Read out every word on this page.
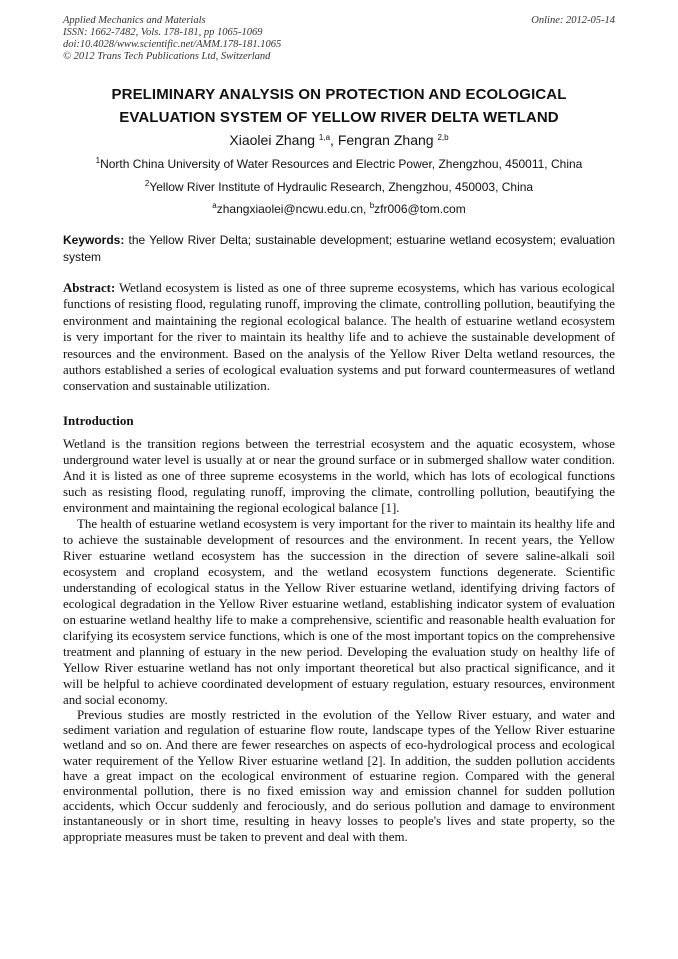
Applied Mechanics and Materials
ISSN: 1662-7482, Vols. 178-181, pp 1065-1069
doi:10.4028/www.scientific.net/AMM.178-181.1065
© 2012 Trans Tech Publications Ltd, Switzerland
Online: 2012-05-14
PRELIMINARY ANALYSIS ON PROTECTION AND ECOLOGICAL
EVALUATION SYSTEM OF YELLOW RIVER DELTA WETLAND
Xiaolei Zhang $^{1,a}$, Fengran Zhang $^{2,b}$
$^1$North China University of Water Resources and Electric Power, Zhengzhou, 450011, China
$^2$Yellow River Institute of Hydraulic Research, Zhengzhou, 450003, China
$^a$zhangxiaolei@ncwu.edu.cn, $^b$zfr006@tom.com
Keywords: the Yellow River Delta; sustainable development; estuarine wetland ecosystem; evaluation system
Abstract: Wetland ecosystem is listed as one of three supreme ecosystems, which has various ecological functions of resisting flood, regulating runoff, improving the climate, controlling pollution, beautifying the environment and maintaining the regional ecological balance. The health of estuarine wetland ecosystem is very important for the river to maintain its healthy life and to achieve the sustainable development of resources and the environment. Based on the analysis of the Yellow River Delta wetland resources, the authors established a series of ecological evaluation systems and put forward countermeasures of wetland conservation and sustainable utilization.
Introduction

Wetland is the transition regions between the terrestrial ecosystem and the aquatic ecosystem, whose underground water level is usually at or near the ground surface or in submerged shallow water condition. And it is listed as one of three supreme ecosystems in the world, which has lots of ecological functions such as resisting flood, regulating runoff, improving the climate, controlling pollution, beautifying the environment and maintaining the regional ecological balance [1].

The health of estuarine wetland ecosystem is very important for the river to maintain its healthy life and to achieve the sustainable development of resources and the environment. In recent years, the Yellow River estuarine wetland ecosystem has the succession in the direction of severe saline-alkali soil ecosystem and cropland ecosystem, and the wetland ecosystem functions degenerate. Scientific understanding of ecological status in the Yellow River estuarine wetland, identifying driving factors of ecological degradation in the Yellow River estuarine wetland, establishing indicator system of evaluation on estuarine wetland healthy life to make a comprehensive, scientific and reasonable health evaluation for clarifying its ecosystem service functions, which is one of the most important topics on the comprehensive treatment and planning of estuary in the new period. Developing the evaluation study on healthy life of Yellow River estuarine wetland has not only important theoretical but also practical significance, and it will be helpful to achieve coordinated development of estuary regulation, estuary resources, environment and social economy.

Previous studies are mostly restricted in the evolution of the Yellow River estuary, and water and sediment variation and regulation of estuarine flow route, landscape types of the Yellow River estuarine wetland and so on. And there are fewer researches on aspects of eco-hydrological process and ecological water requirement of the Yellow River estuarine wetland [2]. In addition, the sudden pollution accidents have a great impact on the ecological environment of estuarine region. Compared with the general environmental pollution, there is no fixed emission way and emission channel for sudden pollution accidents, which Occur suddenly and ferociously, and do serious pollution and damage to environment instantaneously or in short time, resulting in heavy losses to people's lives and state property, so the appropriate measures must be taken to prevent and deal with them.
